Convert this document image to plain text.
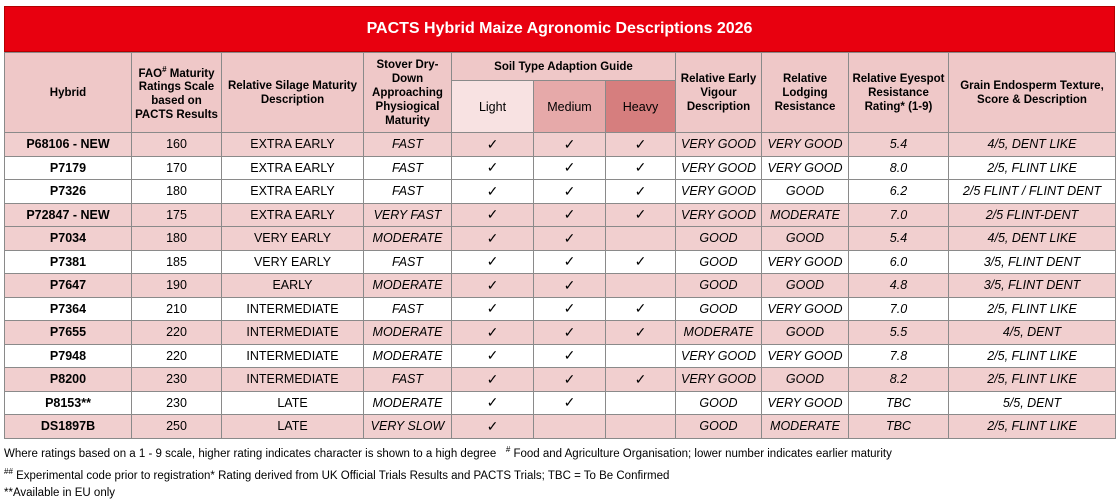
PACTS Hybrid Maize Agronomic Descriptions 2026
Hybrid	FAO# Maturity Ratings Scale based on PACTS Results	Relative Silage Maturity Description	Stover Dry-Down Approaching Physiogical Maturity	Soil Type Adaption Guide			Relative Early Vigour Description	Relative Lodging Resistance	Relative Eyespot Resistance Rating* (1-9)	Grain Endosperm Texture, Score & Description
				Light	Medium	Heavy				
P68106 - NEW	160	EXTRA EARLY	FAST	✓	✓	✓	VERY GOOD	VERY GOOD	5.4	4/5, DENT LIKE
P7179	170	EXTRA EARLY	FAST	✓	✓	✓	VERY GOOD	VERY GOOD	8.0	2/5, FLINT LIKE
P7326	180	EXTRA EARLY	FAST	✓	✓	✓	VERY GOOD	GOOD	6.2	2/5 FLINT / FLINT DENT
P72847 - NEW	175	EXTRA EARLY	VERY FAST	✓	✓	✓	VERY GOOD	MODERATE	7.0	2/5 FLINT-DENT
P7034	180	VERY EARLY	MODERATE	✓	✓		GOOD	GOOD	5.4	4/5, DENT LIKE
P7381	185	VERY EARLY	FAST	✓	✓	✓	GOOD	VERY GOOD	6.0	3/5, FLINT DENT
P7647	190	EARLY	MODERATE	✓	✓		GOOD	GOOD	4.8	3/5, FLINT DENT
P7364	210	INTERMEDIATE	FAST	✓	✓	✓	GOOD	VERY GOOD	7.0	2/5, FLINT LIKE
P7655	220	INTERMEDIATE	MODERATE	✓	✓	✓	MODERATE	GOOD	5.5	4/5, DENT
P7948	220	INTERMEDIATE	MODERATE	✓	✓		VERY GOOD	VERY GOOD	7.8	2/5, FLINT LIKE
P8200	230	INTERMEDIATE	FAST	✓	✓	✓	VERY GOOD	GOOD	8.2	2/5, FLINT LIKE
P8153**	230	LATE	MODERATE	✓	✓		GOOD	VERY GOOD	TBC	5/5, DENT
DS1897B	250	LATE	VERY SLOW	✓			GOOD	MODERATE	TBC	2/5, FLINT LIKE
Where ratings based on a 1 - 9 scale, higher rating indicates character is shown to a high degree # Food and Agriculture Organisation; lower number indicates earlier maturity
## Experimental code prior to registration* Rating derived from UK Official Trials Results and PACTS Trials; TBC = To Be Confirmed
**Available in EU only
